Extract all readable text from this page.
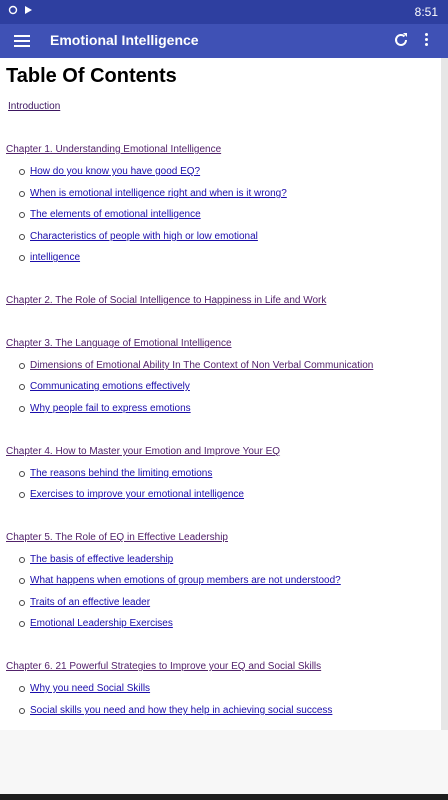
8:51
Emotional Intelligence
Table Of Contents
Introduction
Chapter 1. Understanding Emotional Intelligence
How do you know you have good EQ?
When is emotional intelligence right and when is it wrong?
The elements of emotional intelligence
Characteristics of people with high or low emotional
intelligence
Chapter 2. The Role of Social Intelligence to Happiness in Life and Work
Chapter 3. The Language of Emotional Intelligence
Dimensions of Emotional Ability In The Context of Non Verbal Communication
Communicating emotions effectively
Why people fail to express emotions
Chapter 4. How to Master your Emotion and Improve Your EQ
The reasons behind the limiting emotions
Exercises to improve your emotional intelligence
Chapter 5. The Role of EQ in Effective Leadership
The basis of effective leadership
What happens when emotions of group members are not understood?
Traits of an effective leader
Emotional Leadership Exercises
Chapter 6. 21 Powerful Strategies to Improve your EQ and Social Skills
Why you need Social Skills
Social skills you need and how they help in achieving social success
